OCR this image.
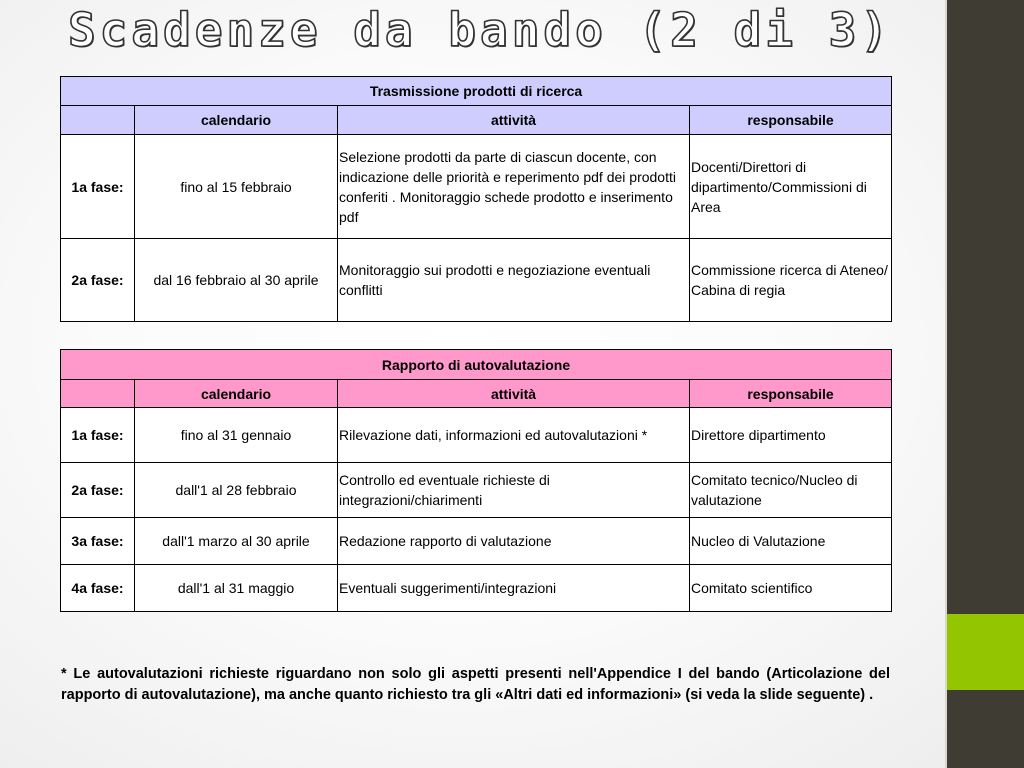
Scadenze da bando (2 di 3)
Trasmissione prodotti di ricerca			
	calendario	attività	responsabile
1a fase:	fino al 15 febbraio	Selezione prodotti da parte di ciascun docente, con indicazione delle priorità e reperimento pdf dei prodotti conferiti . Monitoraggio schede prodotto e inserimento pdf	Docenti/Direttori di dipartimento/Commissioni di Area
2a fase:	dal 16 febbraio al 30 aprile	Monitoraggio sui prodotti e negoziazione eventuali conflitti	Commissione ricerca di Ateneo/ Cabina di regia
Rapporto di autovalutazione			
	calendario	attività	responsabile
1a fase:	fino al 31 gennaio	Rilevazione dati, informazioni ed autovalutazioni *	Direttore dipartimento
2a fase:	dall'1 al 28 febbraio	Controllo ed eventuale richieste di integrazioni/chiarimenti	Comitato tecnico/Nucleo di valutazione
3a fase:	dall'1 marzo al 30 aprile	Redazione rapporto di valutazione	Nucleo di Valutazione
4a fase:	dall'1 al 31 maggio	Eventuali suggerimenti/integrazioni	Comitato scientifico
* Le autovalutazioni richieste riguardano non solo gli aspetti presenti nell'Appendice I del bando (Articolazione del rapporto di autovalutazione), ma anche quanto richiesto tra gli «Altri dati ed informazioni» (si veda la slide seguente) .
